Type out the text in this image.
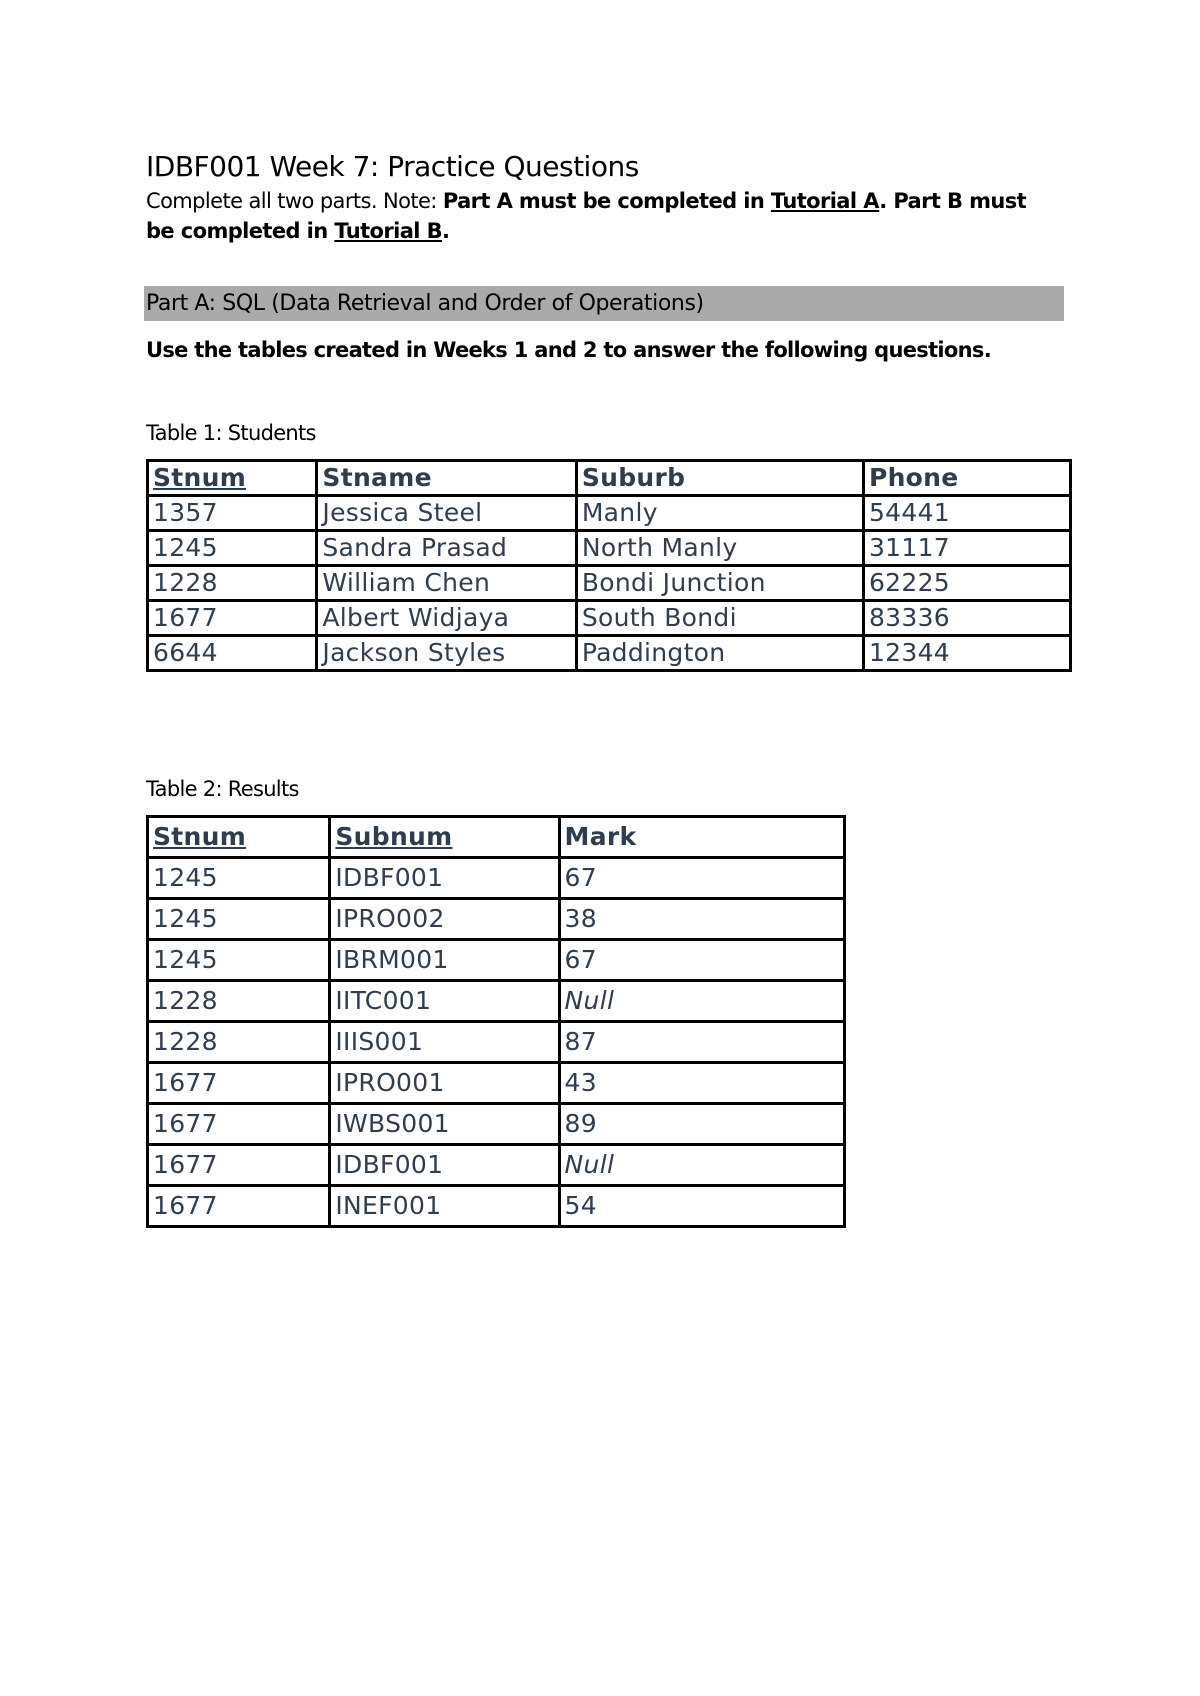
IDBF001 Week 7: Practice Questions
Complete all two parts. Note: Part A must be completed in Tutorial A. Part B must be completed in Tutorial B.
Part A: SQL (Data Retrieval and Order of Operations)
Use the tables created in Weeks 1 and 2 to answer the following questions.
Table 1: Students
Stnum	Stname	Suburb	Phone
1357	Jessica Steel	Manly	54441
1245	Sandra Prasad	North Manly	31117
1228	William Chen	Bondi Junction	62225
1677	Albert Widjaya	South Bondi	83336
6644	Jackson Styles	Paddington	12344
Table 2: Results
Stnum	Subnum	Mark
1245	IDBF001	67
1245	IPRO002	38
1245	IBRM001	67
1228	IITC001	Null
1228	IIIS001	87
1677	IPRO001	43
1677	IWBS001	89
1677	IDBF001	Null
1677	INEF001	54
